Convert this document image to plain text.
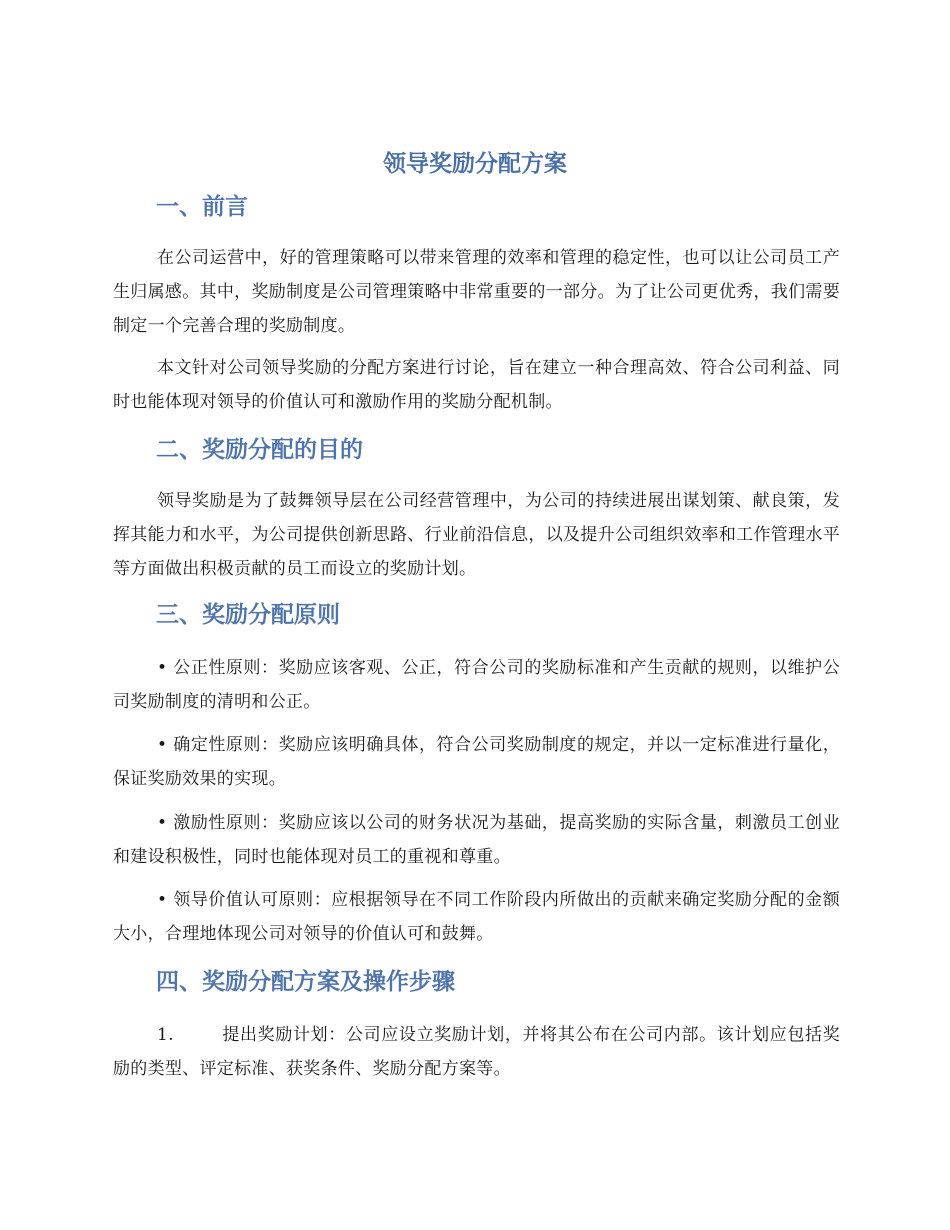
领导奖励分配方案
一、前言

在公司运营中，好的管理策略可以带来管理的效率和管理的稳定性，也可以让公司员工产生归属感。其中，奖励制度是公司管理策略中非常重要的一部分。为了让公司更优秀，我们需要制定一个完善合理的奖励制度。

本文针对公司领导奖励的分配方案进行讨论，旨在建立一种合理高效、符合公司利益、同时也能体现对领导的价值认可和激励作用的奖励分配机制。

二、奖励分配的目的

领导奖励是为了鼓舞领导层在公司经营管理中，为公司的持续进展出谋划策、献良策，发挥其能力和水平，为公司提供创新思路、行业前沿信息，以及提升公司组织效率和工作管理水平等方面做出积极贡献的员工而设立的奖励计划。

三、奖励分配原则

• 公正性原则：奖励应该客观、公正，符合公司的奖励标准和产生贡献的规则，以维护公司奖励制度的清明和公正。

• 确定性原则：奖励应该明确具体，符合公司奖励制度的规定，并以一定标准进行量化，保证奖励效果的实现。

• 激励性原则：奖励应该以公司的财务状况为基础，提高奖励的实际含量，刺激员工创业和建设积极性，同时也能体现对员工的重视和尊重。

• 领导价值认可原则：应根据领导在不同工作阶段内所做出的贡献来确定奖励分配的金额大小，合理地体现公司对领导的价值认可和鼓舞。

四、奖励分配方案及操作步骤

1.	提出奖励计划：公司应设立奖励计划，并将其公布在公司内部。该计划应包括奖励的类型、评定标准、获奖条件、奖励分配方案等。
